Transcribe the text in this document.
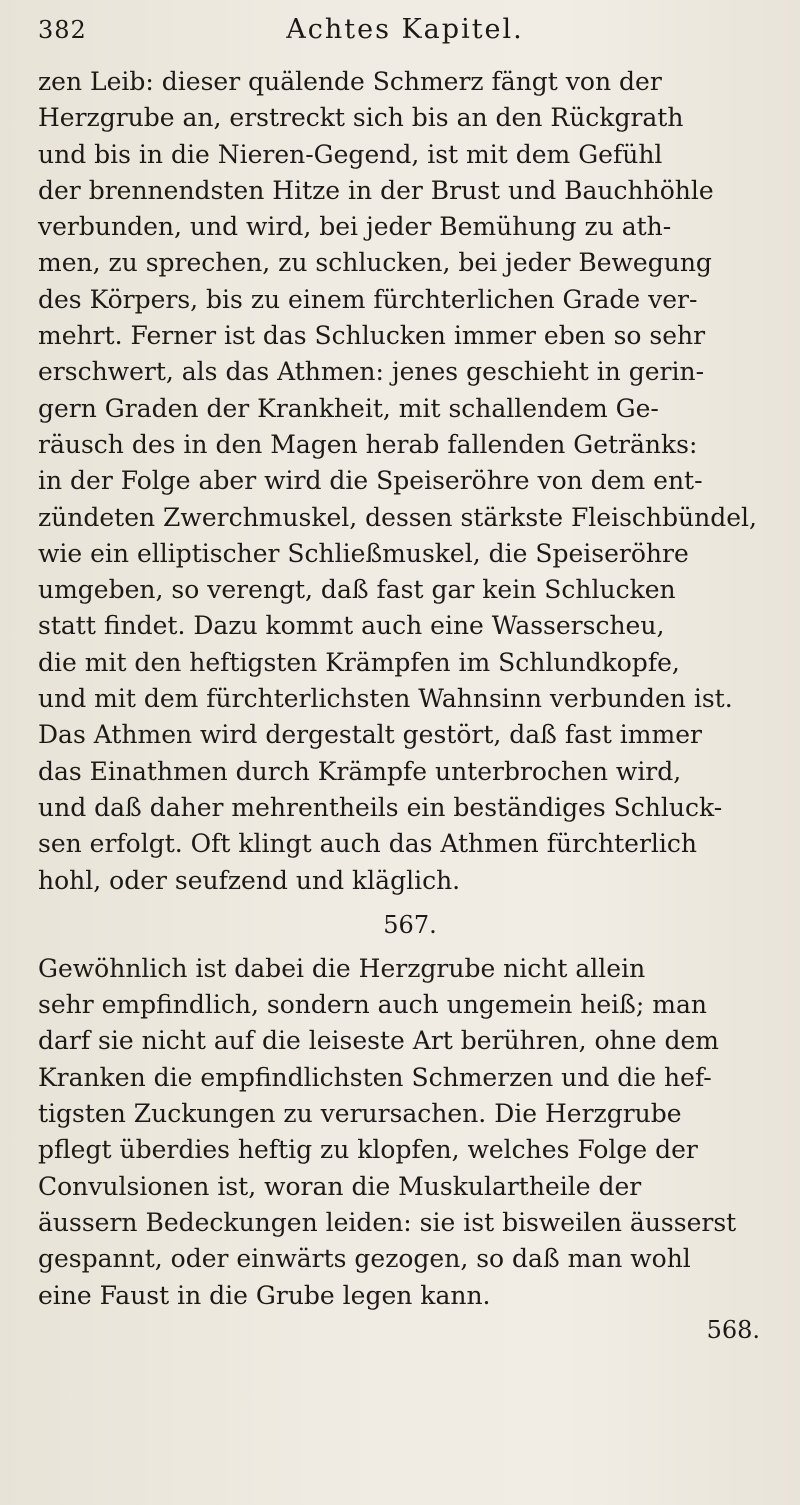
382	Achtes Kapitel.

zen Leib: dieser quälende Schmerz fängt von der
Herzgrube an, erstreckt sich bis an den Rückgrath
und bis in die Nieren-Gegend, ist mit dem Gefühl
der brennendsten Hitze in der Brust und Bauchhöhle
verbunden, und wird, bei jeder Bemühung zu ath-
men, zu sprechen, zu schlucken, bei jeder Bewegung
des Körpers, bis zu einem fürchterlichen Grade ver-
mehrt. Ferner ist das Schlucken immer eben so sehr
erschwert, als das Athmen: jenes geschieht in gerin-
gern Graden der Krankheit, mit schallendem Ge-
räusch des in den Magen herab fallenden Getränks:
in der Folge aber wird die Speiseröhre von dem ent-
zündeten Zwerchmuskel, dessen stärkste Fleischbündel,
wie ein elliptischer Schließmuskel, die Speiseröhre
umgeben, so verengt, daß fast gar kein Schlucken
statt findet. Dazu kommt auch eine Wasserscheu,
die mit den heftigsten Krämpfen im Schlundkopfe,
und mit dem fürchterlichsten Wahnsinn verbunden ist.
Das Athmen wird dergestalt gestört, daß fast immer
das Einathmen durch Krämpfe unterbrochen wird,
und daß daher mehrentheils ein beständiges Schluck-
sen erfolgt. Oft klingt auch das Athmen fürchterlich
hohl, oder seufzend und kläglich.

567.

Gewöhnlich ist dabei die Herzgrube nicht allein
sehr empfindlich, sondern auch ungemein heiß; man
darf sie nicht auf die leiseste Art berühren, ohne dem
Kranken die empfindlichsten Schmerzen und die hef-
tigsten Zuckungen zu verursachen. Die Herzgrube
pflegt überdies heftig zu klopfen, welches Folge der
Convulsionen ist, woran die Muskulartheile der
äussern Bedeckungen leiden: sie ist bisweilen äusserst
gespannt, oder einwärts gezogen, so daß man wohl
eine Faust in die Grube legen kann.

568.
